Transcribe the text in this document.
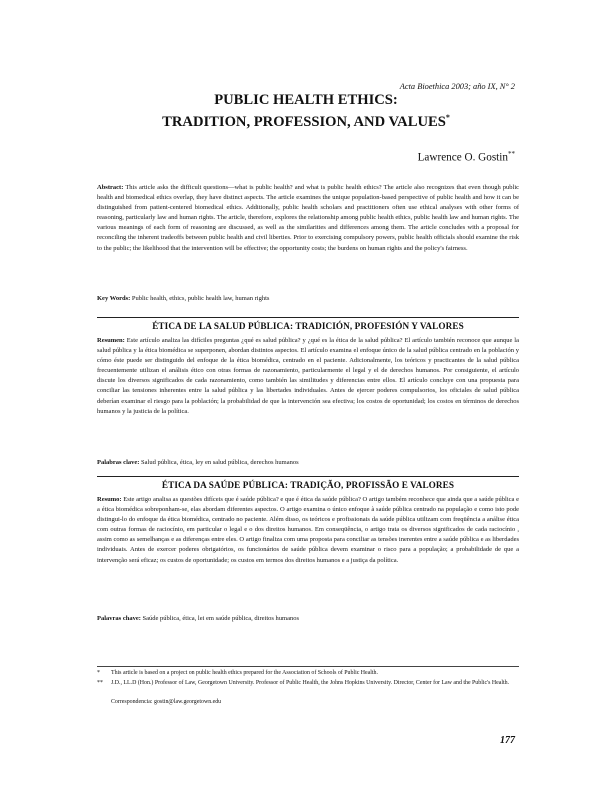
Acta Bioethica 2003; año IX, N° 2
PUBLIC HEALTH ETHICS:
TRADITION, PROFESSION, AND VALUES*
Lawrence O. Gostin**
Abstract: This article asks the difficult questions—what is public health? and what is public health ethics? The article also recognizes that even though public health and biomedical ethics overlap, they have distinct aspects. The article examines the unique population-based perspective of public health and how it can be distinguished from patient-centered biomedical ethics. Additionally, public health scholars and practitioners often use ethical analyses with other forms of reasoning, particularly law and human rights. The article, therefore, explores the relationship among public health ethics, public health law and human rights. The various meanings of each form of reasoning are discussed, as well as the similarities and differences among them. The article concludes with a proposal for reconciling the inherent tradeoffs between public health and civil liberties. Prior to exercising compulsory powers, public health officials should examine the risk to the public; the likelihood that the intervention will be effective; the opportunity costs; the burdens on human rights and the policy's fairness.
Key Words: Public health, ethics, public health law, human rights
ÉTICA DE LA SALUD PÚBLICA: TRADICIÓN, PROFESIÓN Y VALORES
Resumen: Este artículo analiza las difíciles preguntas ¿qué es salud pública? y ¿qué es la ética de la salud pública? El artículo también reconoce que aunque la salud pública y la ética biomédica se superponen, abordan distintos aspectos. El artículo examina el enfoque único de la salud pública centrado en la población y cómo éste puede ser distinguido del enfoque de la ética biomédica, centrado en el paciente. Adicionalmente, los teóricos y practicantes de la salud pública frecuentemente utilizan el análisis ético con otras formas de razonamiento, particularmente el legal y el de derechos humanos. Por consiguiente, el artículo discute los diversos significados de cada razonamiento, como también las similitudes y diferencias entre ellos. El artículo concluye con una propuesta para conciliar las tensiones inherentes entre la salud pública y las libertades individuales. Antes de ejercer poderes compulsorios, los oficiales de salud pública deberían examinar el riesgo para la población; la probabilidad de que la intervención sea efectiva; los costos de oportunidad; los costos en términos de derechos humanos y la justicia de la política.
Palabras clave: Salud pública, ética, ley en salud pública, derechos humanos
ÉTICA DA SAÚDE PÚBLICA: TRADIÇÃO, PROFISSÃO E VALORES
Resumo: Este artigo analisa as questões difíceis que é saúde pública? e que é ética da saúde pública? O artigo também reconhece que ainda que a saúde pública e a ética biomédica sobreponham-se, elas abordam diferentes aspectos. O artigo examina o único enfoque à saúde pública centrado na população e como isto pode distingui-lo do enfoque da ética biomédica, centrado no paciente. Além disso, os teóricos e profissionais da saúde pública utilizam com freqüência a análise ética com outras formas de raciocínio, em particular o legal e o dos direitos humanos. Em conseqüência, o artigo trata os diversos significados de cada raciocínio , assim como as semelhanças e as diferenças entre eles. O artigo finaliza com uma proposta para conciliar as tensões inerentes entre a saúde pública e as liberdades individuais. Antes de exercer poderes obrigatórios, os funcionários de saúde pública devem examinar o risco para a população; a probabilidade de que a intervenção será eficaz; os custos de oportunidade; os custos em termos dos direitos humanos e a justiça da política.
Palavras chave: Saúde pública, ética, lei em saúde pública, direitos humanos
* This article is based on a project on public health ethics prepared for the Association of Schools of Public Health.
** J.D., LL.D (Hon.) Professor of Law, Georgetown University. Professor of Public Health, the Johns Hopkins University. Director, Center for Law and the Public's Health.
Correspondencia: gostin@law.georgetown.edu
177
